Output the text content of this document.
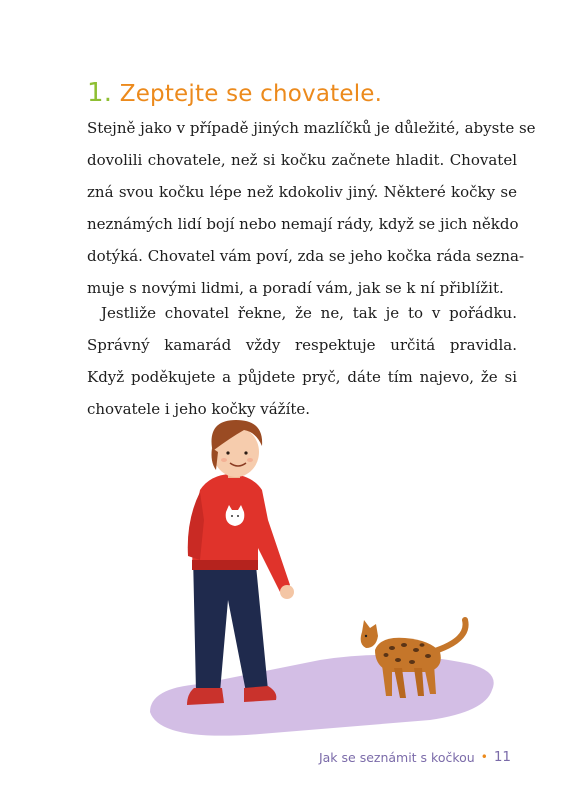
1. Zeptejte se chovatele.
Stejně jako v případě jiných mazlíčků je důležité, abyste se
dovolili chovatele, než si kočku začnete hladit. Chovatel
zná svou kočku lépe než kdokoliv jiný. Některé kočky se
neznámých lidí bojí nebo nemají rády, když se jich někdo
dotýká. Chovatel vám poví, zda se jeho kočka ráda sezna-
muje s novými lidmi, a poradí vám, jak se k ní přiblížit.
Jestliže chovatel řekne, že ne, tak je to v pořádku.
Správný kamarád vždy respektuje určitá pravidla.
Když poděkujete a půjdete pryč, dáte tím najevo, že si
chovatele i jeho kočky vážíte.
Jak se seznámit s kočkou • 11
